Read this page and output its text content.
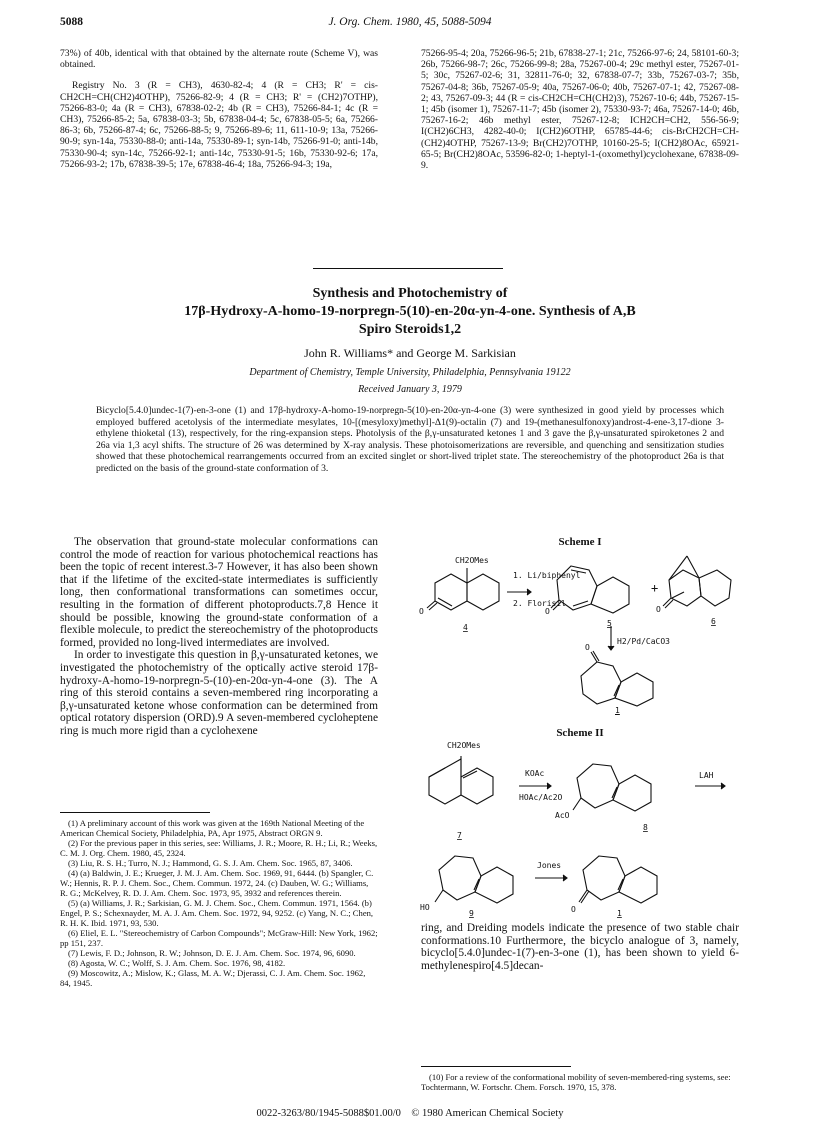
5088	J. Org. Chem. 1980, 45, 5088-5094

73%) of 40b, identical with that obtained by the alternate route (Scheme V), was obtained.

Registry No. 3 (R = CH3), 4630-82-4; 4 (R = CH3; R' = cis-CH2CH=CH(CH2)4OTHP), 75266-82-9; 4 (R = CH3; R' = (CH2)7OTHP), 75266-83-0; 4a (R = CH3), 67838-02-2; 4b (R = CH3), 75266-84-1; 4c (R = CH3), 75266-85-2; 5a, 67838-03-3; 5b, 67838-04-4; 5c, 67838-05-5; 6a, 75266-86-3; 6b, 75266-87-4; 6c, 75266-88-5; 9, 75266-89-6; 11, 611-10-9; 13a, 75266-90-9; syn-14a, 75330-88-0; anti-14a, 75330-89-1; syn-14b, 75266-91-0; anti-14b, 75330-90-4; syn-14c, 75266-92-1; anti-14c, 75330-91-5; 16b, 75330-92-6; 17a, 75266-93-2; 17b, 67838-39-5; 17e, 67838-46-4; 18a, 75266-94-3; 19a,

75266-95-4; 20a, 75266-96-5; 21b, 67838-27-1; 21c, 75266-97-6; 24, 58101-60-3; 26b, 75266-98-7; 26c, 75266-99-8; 28a, 75267-00-4; 29c methyl ester, 75267-01-5; 30c, 75267-02-6; 31, 32811-76-0; 32, 67838-07-7; 33b, 75267-03-7; 35b, 75267-04-8; 36b, 75267-05-9; 40a, 75267-06-0; 40b, 75267-07-1; 42, 75267-08-2; 43, 75267-09-3; 44 (R = cis-CH2CH=CH(CH2)3), 75267-10-6; 44b, 75267-15-1; 45b (isomer 1), 75267-11-7; 45b (isomer 2), 75330-93-7; 46a, 75267-14-0; 46b, 75267-16-2; 46b methyl ester, 75267-12-8; ICH2CH=CH2, 556-56-9; I(CH2)6CH3, 4282-40-0; I(CH2)6OTHP, 65785-44-6; cis-BrCH2CH=CH-(CH2)4OTHP, 75267-13-9; Br(CH2)7OTHP, 10160-25-5; I(CH2)8OAc, 65921-65-5; Br(CH2)8OAc, 53596-82-0; 1-heptyl-1-(oxomethyl)cyclohexane, 67838-09-9.

Synthesis and Photochemistry of
17β-Hydroxy-A-homo-19-norpregn-5(10)-en-20α-yn-4-one. Synthesis of A,B
Spiro Steroids1,2
John R. Williams* and George M. Sarkisian
Department of Chemistry, Temple University, Philadelphia, Pennsylvania 19122
Received January 3, 1979
Bicyclo[5.4.0]undec-1(7)-en-3-one (1) and 17β-hydroxy-A-homo-19-norpregn-5(10)-en-20α-yn-4-one (3) were synthesized in good yield by processes which employed buffered acetolysis of the intermediate mesylates, 10-[(mesyloxy)methyl]-Δ1(9)-octalin (7) and 19-(methanesulfonoxy)androst-4-ene-3,17-dione 3-ethylene thioketal (13), respectively, for the ring-expansion steps. Photolysis of the β,γ-unsaturated ketones 1 and 3 gave the β,γ-unsaturated spiroketones 2 and 26a via 1,3 acyl shifts. The structure of 26 was determined by X-ray analysis. These photoisomerizations are reversible, and quenching and sensitization studies showed that these photochemical rearrangements occurred from an excited singlet or short-lived triplet state. The stereochemistry of the photoproduct 26a is that predicted on the basis of the ground-state conformation of 3.

The observation that ground-state molecular conformations can control the mode of reaction for various photochemical reactions has been the topic of recent interest.3-7 However, it has also been shown that if the lifetime of the excited-state intermediates is sufficiently long, then conformational transformations can sometimes occur, resulting in the formation of different photoproducts.7,8 Hence it should be possible, knowing the ground-state conformation of a flexible molecule, to predict the stereochemistry of the photoproducts formed, provided no long-lived intermediates are involved.

In order to investigate this question in β,γ-unsaturated ketones, we investigated the photochemistry of the optically active steroid 17β-hydroxy-A-homo-19-norpregn-5-(10)-en-20α-yn-4-one (3). The A ring of this steroid contains a seven-membered ring incorporating a β,γ-unsaturated ketone whose conformation can be determined from optical rotatory dispersion (ORD).9 A seven-membered cycloheptene ring is much more rigid than a cyclohexene

(1) A preliminary account of this work was given at the 169th National Meeting of the American Chemical Society, Philadelphia, PA, Apr 1975, Abstract ORGN 9.

(2) For the previous paper in this series, see: Williams, J. R.; Moore, R. H.; Li, R.; Weeks, C. M. J. Org. Chem. 1980, 45, 2324.

(3) Liu, R. S. H.; Turro, N. J.; Hammond, G. S. J. Am. Chem. Soc. 1965, 87, 3406.

(4) (a) Baldwin, J. E.; Krueger, J. M. J. Am. Chem. Soc. 1969, 91, 6444. (b) Spangler, C. W.; Hennis, R. P. J. Chem. Soc., Chem. Commun. 1972, 24. (c) Dauben, W. G.; Williams, R. G.; McKelvey, R. D. J. Am. Chem. Soc. 1973, 95, 3932 and references therein.

(5) (a) Williams, J. R.; Sarkisian, G. M. J. Chem. Soc., Chem. Commun. 1971, 1564. (b) Engel, P. S.; Schexnayder, M. A. J. Am. Chem. Soc. 1972, 94, 9252. (c) Yang, N. C.; Chen, R. H. K. Ibid. 1971, 93, 530.

(6) Eliel, E. L. "Stereochemistry of Carbon Compounds"; McGraw-Hill: New York, 1962; pp 151, 237.

(7) Lewis, F. D.; Johnson, R. W.; Johnson, D. E. J. Am. Chem. Soc. 1974, 96, 6090.

(8) Agosta, W. C.; Wolff, S. J. Am. Chem. Soc. 1976, 98, 4182.

(9) Moscowitz, A.; Mislow, K.; Glass, M. A. W.; Djerassi, C. J. Am. Chem. Soc. 1962, 84, 1945.

Scheme I
CH2OMes
1. Li/biphenyl
2. Florisil
O	O	O
O
+
H2/Pd/CaCO3
4	5	6
1
Scheme II
CH2OMes
KOAc
HOAc/Ac2O
LAH
Jones
AcO
HO	O
7
8
9	1

ring, and Dreiding models indicate the presence of two stable chair conformations.10 Furthermore, the bicyclo analogue of 3, namely, bicyclo[5.4.0]undec-1(7)-en-3-one (1), has been shown to yield 6-methylenespiro[4.5]decan-

(10) For a review of the conformational mobility of seven-membered-ring systems, see: Tochtermann, W. Fortschr. Chem. Forsch. 1970, 15, 378.

0022-3263/80/1945-5088$01.00/0 © 1980 American Chemical Society
